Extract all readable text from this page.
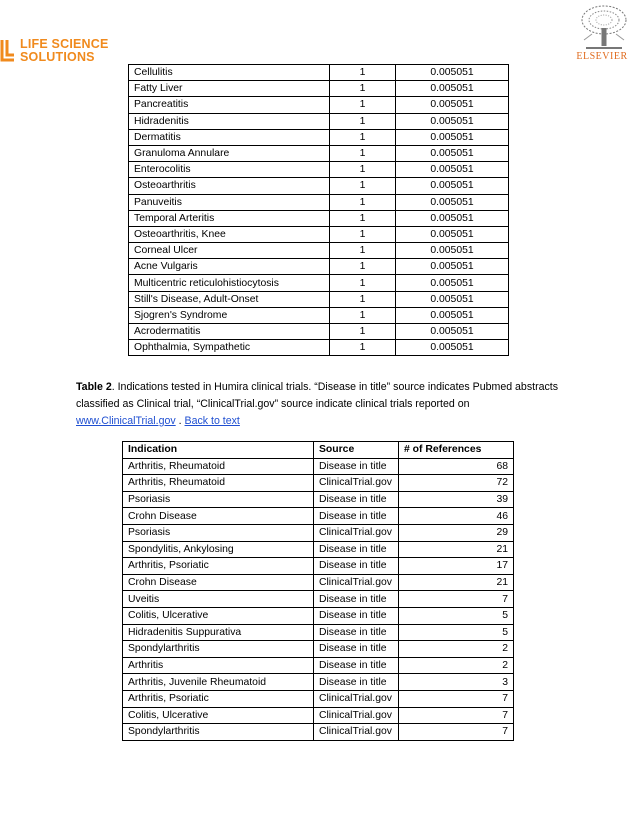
LIFE SCIENCE
SOLUTIONS	ELSEVIER
Cellulitis	1	0.005051
Fatty Liver	1	0.005051
Pancreatitis	1	0.005051
Hidradenitis	1	0.005051
Dermatitis	1	0.005051
Granuloma Annulare	1	0.005051
Enterocolitis	1	0.005051
Osteoarthritis	1	0.005051
Panuveitis	1	0.005051
Temporal Arteritis	1	0.005051
Osteoarthritis, Knee	1	0.005051
Corneal Ulcer	1	0.005051
Acne Vulgaris	1	0.005051
Multicentric reticulohistiocytosis	1	0.005051
Still's Disease, Adult-Onset	1	0.005051
Sjogren's Syndrome	1	0.005051
Acrodermatitis	1	0.005051
Ophthalmia, Sympathetic	1	0.005051
Table 2. Indications tested in Humira clinical trials. “Disease in title” source indicates Pubmed abstracts classified as Clinical trial, “ClinicalTrial.gov” source indicate clinical trials reported on www.ClinicalTrial.gov . Back to text
Indication	Source	# of References
Arthritis, Rheumatoid	Disease in title	68
Arthritis, Rheumatoid	ClinicalTrial.gov	72
Psoriasis	Disease in title	39
Crohn Disease	Disease in title	46
Psoriasis	ClinicalTrial.gov	29
Spondylitis, Ankylosing	Disease in title	21
Arthritis, Psoriatic	Disease in title	17
Crohn Disease	ClinicalTrial.gov	21
Uveitis	Disease in title	7
Colitis, Ulcerative	Disease in title	5
Hidradenitis Suppurativa	Disease in title	5
Spondylarthritis	Disease in title	2
Arthritis	Disease in title	2
Arthritis, Juvenile Rheumatoid	Disease in title	3
Arthritis, Psoriatic	ClinicalTrial.gov	7
Colitis, Ulcerative	ClinicalTrial.gov	7
Spondylarthritis	ClinicalTrial.gov	7
